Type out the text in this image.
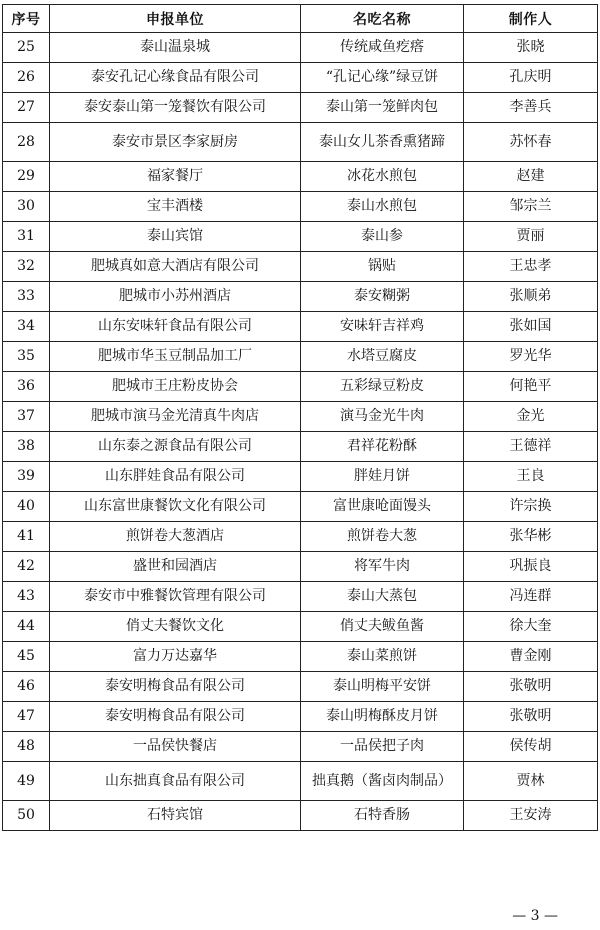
序号	申报单位	名吃名称	制作人
25	泰山温泉城	传统咸鱼疙瘩	张晓
26	泰安孔记心缘食品有限公司	“孔记心缘”绿豆饼	孔庆明
27	泰安泰山第一笼餐饮有限公司	泰山第一笼鲜肉包	李善兵
28	泰安市景区李家厨房	泰山女儿茶香熏猪蹄	苏怀春
29	福家餐厅	冰花水煎包	赵建
30	宝丰酒楼	泰山水煎包	邹宗兰
31	泰山宾馆	泰山参	贾丽
32	肥城真如意大酒店有限公司	锅贴	王忠孝
33	肥城市小苏州酒店	泰安糊粥	张顺弟
34	山东安味轩食品有限公司	安味轩吉祥鸡	张如国
35	肥城市华玉豆制品加工厂	水塔豆腐皮	罗光华
36	肥城市王庄粉皮协会	五彩绿豆粉皮	何艳平
37	肥城市演马金光清真牛肉店	演马金光牛肉	金光
38	山东泰之源食品有限公司	君祥花粉酥	王德祥
39	山东胖娃食品有限公司	胖娃月饼	王良
40	山东富世康餐饮文化有限公司	富世康呛面馒头	许宗换
41	煎饼卷大葱酒店	煎饼卷大葱	张华彬
42	盛世和园酒店	将军牛肉	巩振良
43	泰安市中雅餐饮管理有限公司	泰山大蒸包	冯连群
44	俏丈夫餐饮文化	俏丈夫鲅鱼酱	徐大奎
45	富力万达嘉华	泰山菜煎饼	曹金刚
46	泰安明梅食品有限公司	泰山明梅平安饼	张敬明
47	泰安明梅食品有限公司	泰山明梅酥皮月饼	张敬明
48	一品侯快餐店	一品侯把子肉	侯传胡
49	山东拙真食品有限公司	拙真鹅（酱卤肉制品）	贾林
50	石特宾馆	石特香肠	王安涛
— 3 —
